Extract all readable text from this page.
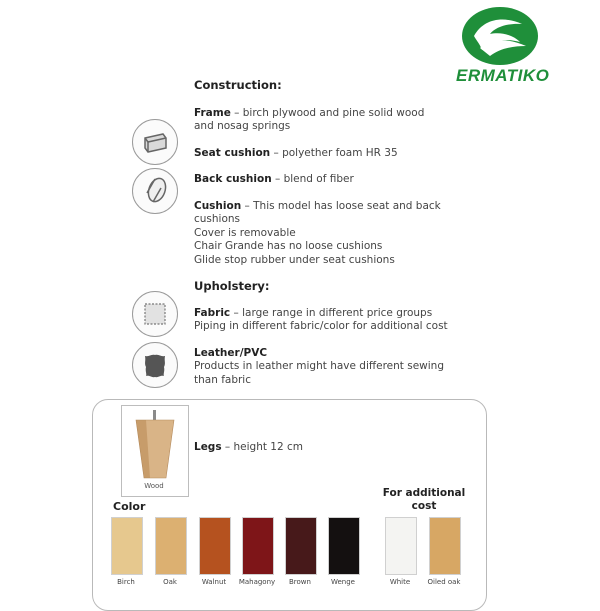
ERMATIKO
Construction:
Frame – birch plywood and pine solid wood
and nosag springs
Seat cushion – polyether foam HR 35
Back cushion – blend of fiber
Cushion – This model has loose seat and back
cushions
Cover is removable
Chair Grande has no loose cushions
Glide stop rubber under seat cushions
Upholstery:
Fabric – large range in different price groups
Piping in different fabric/color for additional cost
Leather/PVC
Products in leather might have different sewing
than fabric
Wood
Legs – height 12 cm
Color
For additional
cost
Birch	Oak	Walnut	Mahagony	Brown	Wenge	White	Oiled oak
